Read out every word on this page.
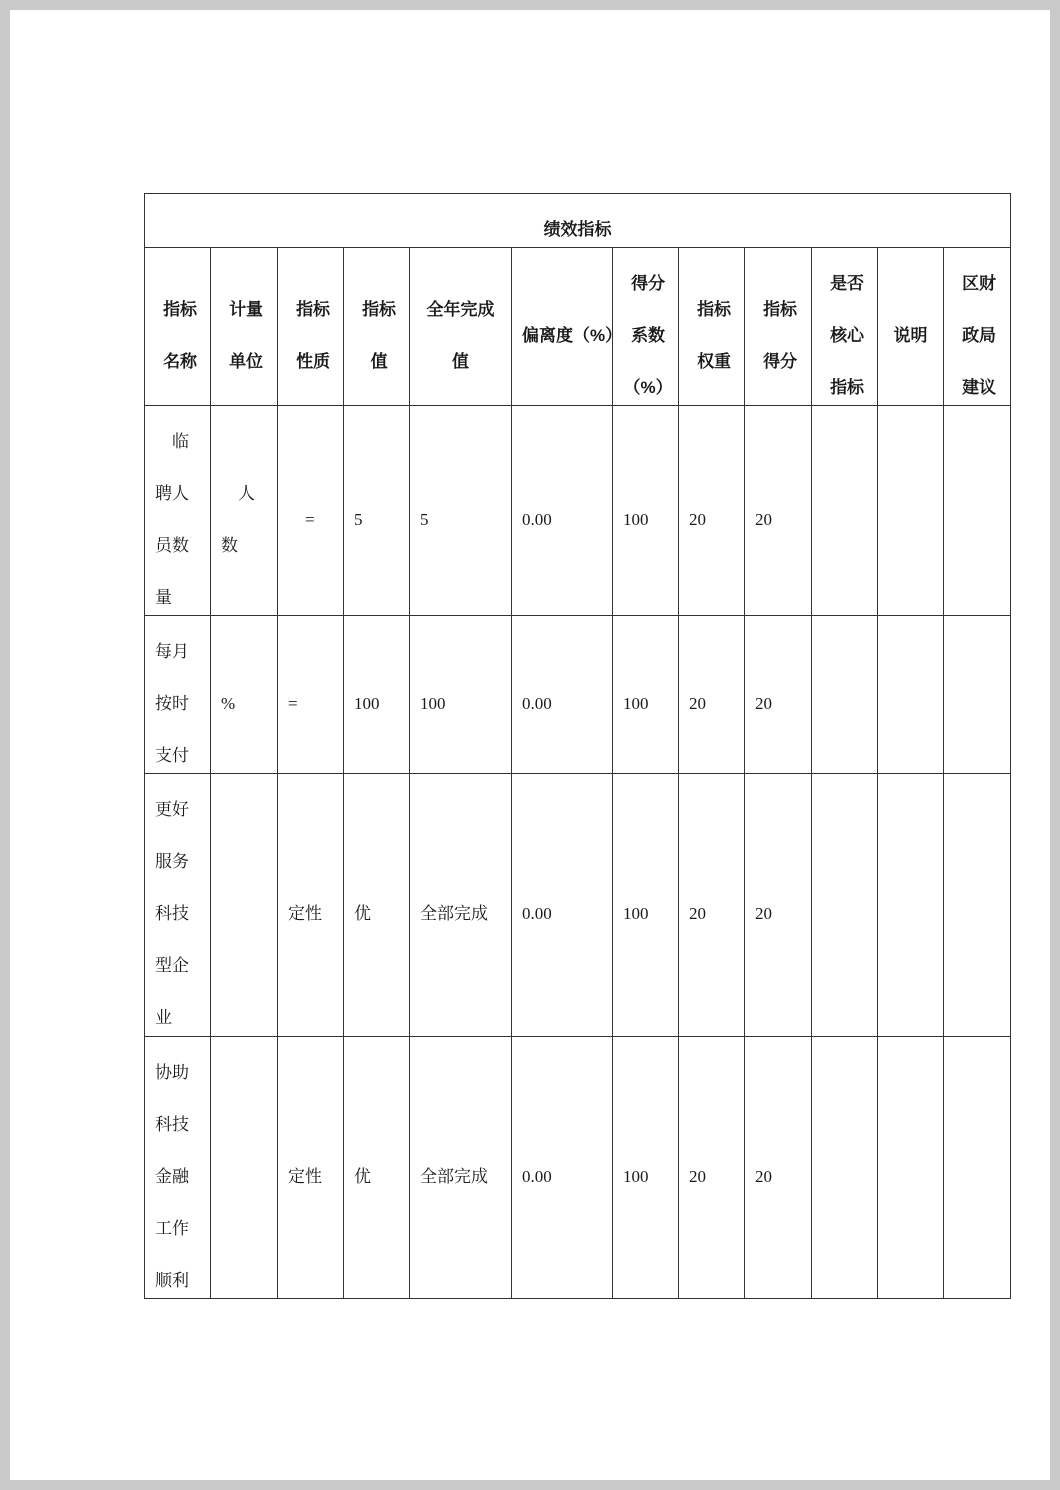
绩效指标											

指标名称	计量单位	指标性质	指标值	全年完成值	偏离度（%）	得分系数（%）	指标权重	指标得分	是否核心指标	说明	区财政局建议

临聘人员数量	人数	=	5	5	0.00	100	20	20			

每月按时支付	%	=	100	100	0.00	100	20	20			

更好服务科技型企业		定性	优	全部完成	0.00	100	20	20			

协助科技金融工作顺利		定性	优	全部完成	0.00	100	20	20			
